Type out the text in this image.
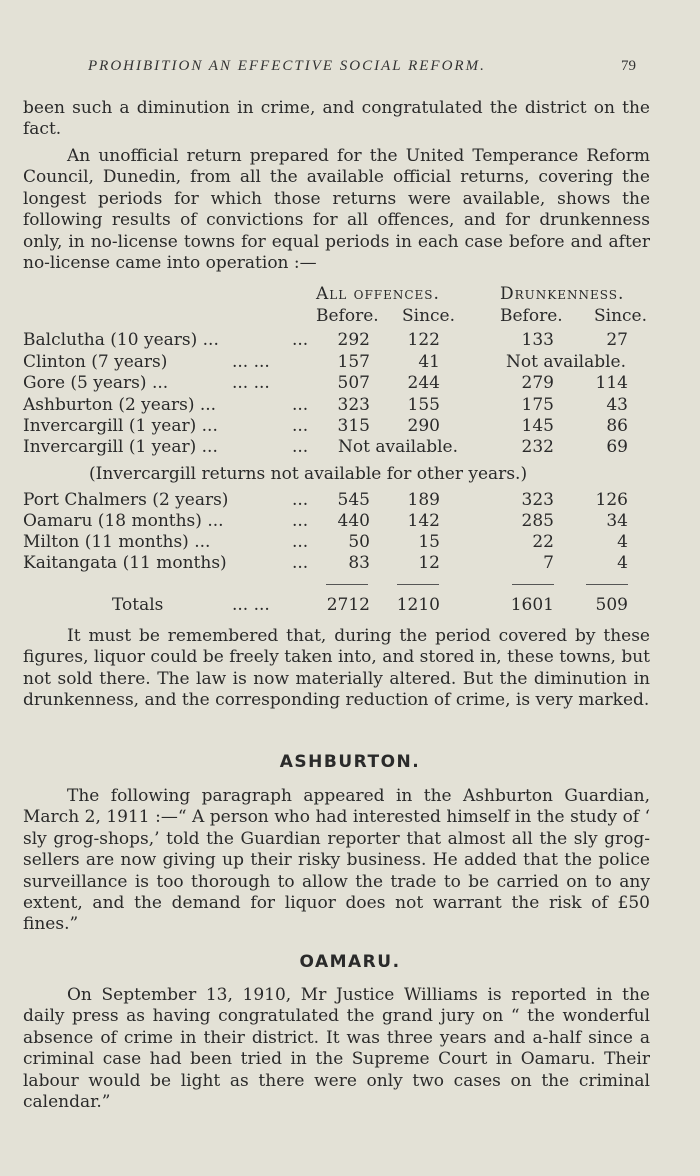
PROHIBITION AN EFFECTIVE SOCIAL REFORM.	79
been such a diminution in crime, and congratulated the district on the fact.
An unofficial return prepared for the United Temperance Reform Council, Dunedin, from all the available official returns, covering the longest periods for which those returns were available, shows the following results of convictions for all offences, and for drunkenness only, in no-license towns for equal periods in each case before and after no-license came into operation :—
All offences.	Drunkenness.
Before. Since.	Before. Since.
Balclutha (10 years) ...	...	292	122	133	27
Clinton (7 years)	... ...	157	41	Not available.
Gore (5 years) ...	... ...	507	244	279	114
Ashburton (2 years) ...	...	323	155	175	43
Invercargill (1 year) ...	...	315	290	145	86
Invercargill (1 year) ...	... Not available.	232	69
(Invercargill returns not available for other years.)
Port Chalmers (2 years)	...	545	189	323	126
Oamaru (18 months) ...	...	440	142	285	34
Milton (11 months) ...	...	50	15	22	4
Kaitangata (11 months)	...	83	12	7	4
Totals	... ...	2712	1210	1601	509
It must be remembered that, during the period covered by these figures, liquor could be freely taken into, and stored in, these towns, but not sold there. The law is now materially altered. But the diminution in drunkenness, and the corresponding reduction of crime, is very marked.
ASHBURTON.
The following paragraph appeared in the Ashburton Guardian, March 2, 1911 :—“ A person who had interested himself in the study of ‘ sly grog-shops,’ told the Guardian reporter that almost all the sly grog-sellers are now giving up their risky business. He added that the police surveillance is too thorough to allow the trade to be carried on to any extent, and the demand for liquor does not warrant the risk of £50 fines.”
OAMARU.
On September 13, 1910, Mr Justice Williams is reported in the daily press as having congratulated the grand jury on “ the wonderful absence of crime in their district. It was three years and a-half since a criminal case had been tried in the Supreme Court in Oamaru. Their labour would be light as there were only two cases on the criminal calendar.”
